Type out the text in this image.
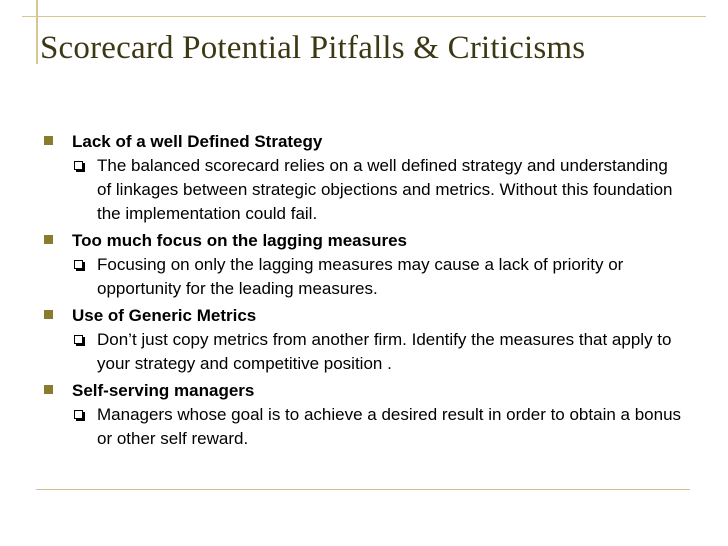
Scorecard Potential Pitfalls & Criticisms
Lack of a well Defined Strategy
The balanced scorecard relies on a well defined strategy and understanding of linkages between strategic objections and metrics. Without this foundation the implementation could fail.
Too much focus on the lagging measures
Focusing on only the lagging measures may cause a lack of priority or opportunity for the leading measures.
Use of Generic Metrics
Don’t just copy metrics from another firm. Identify the measures that apply to your strategy and competitive position .
Self-serving managers
Managers whose goal is to achieve a desired result in order to obtain a bonus or other self reward.
